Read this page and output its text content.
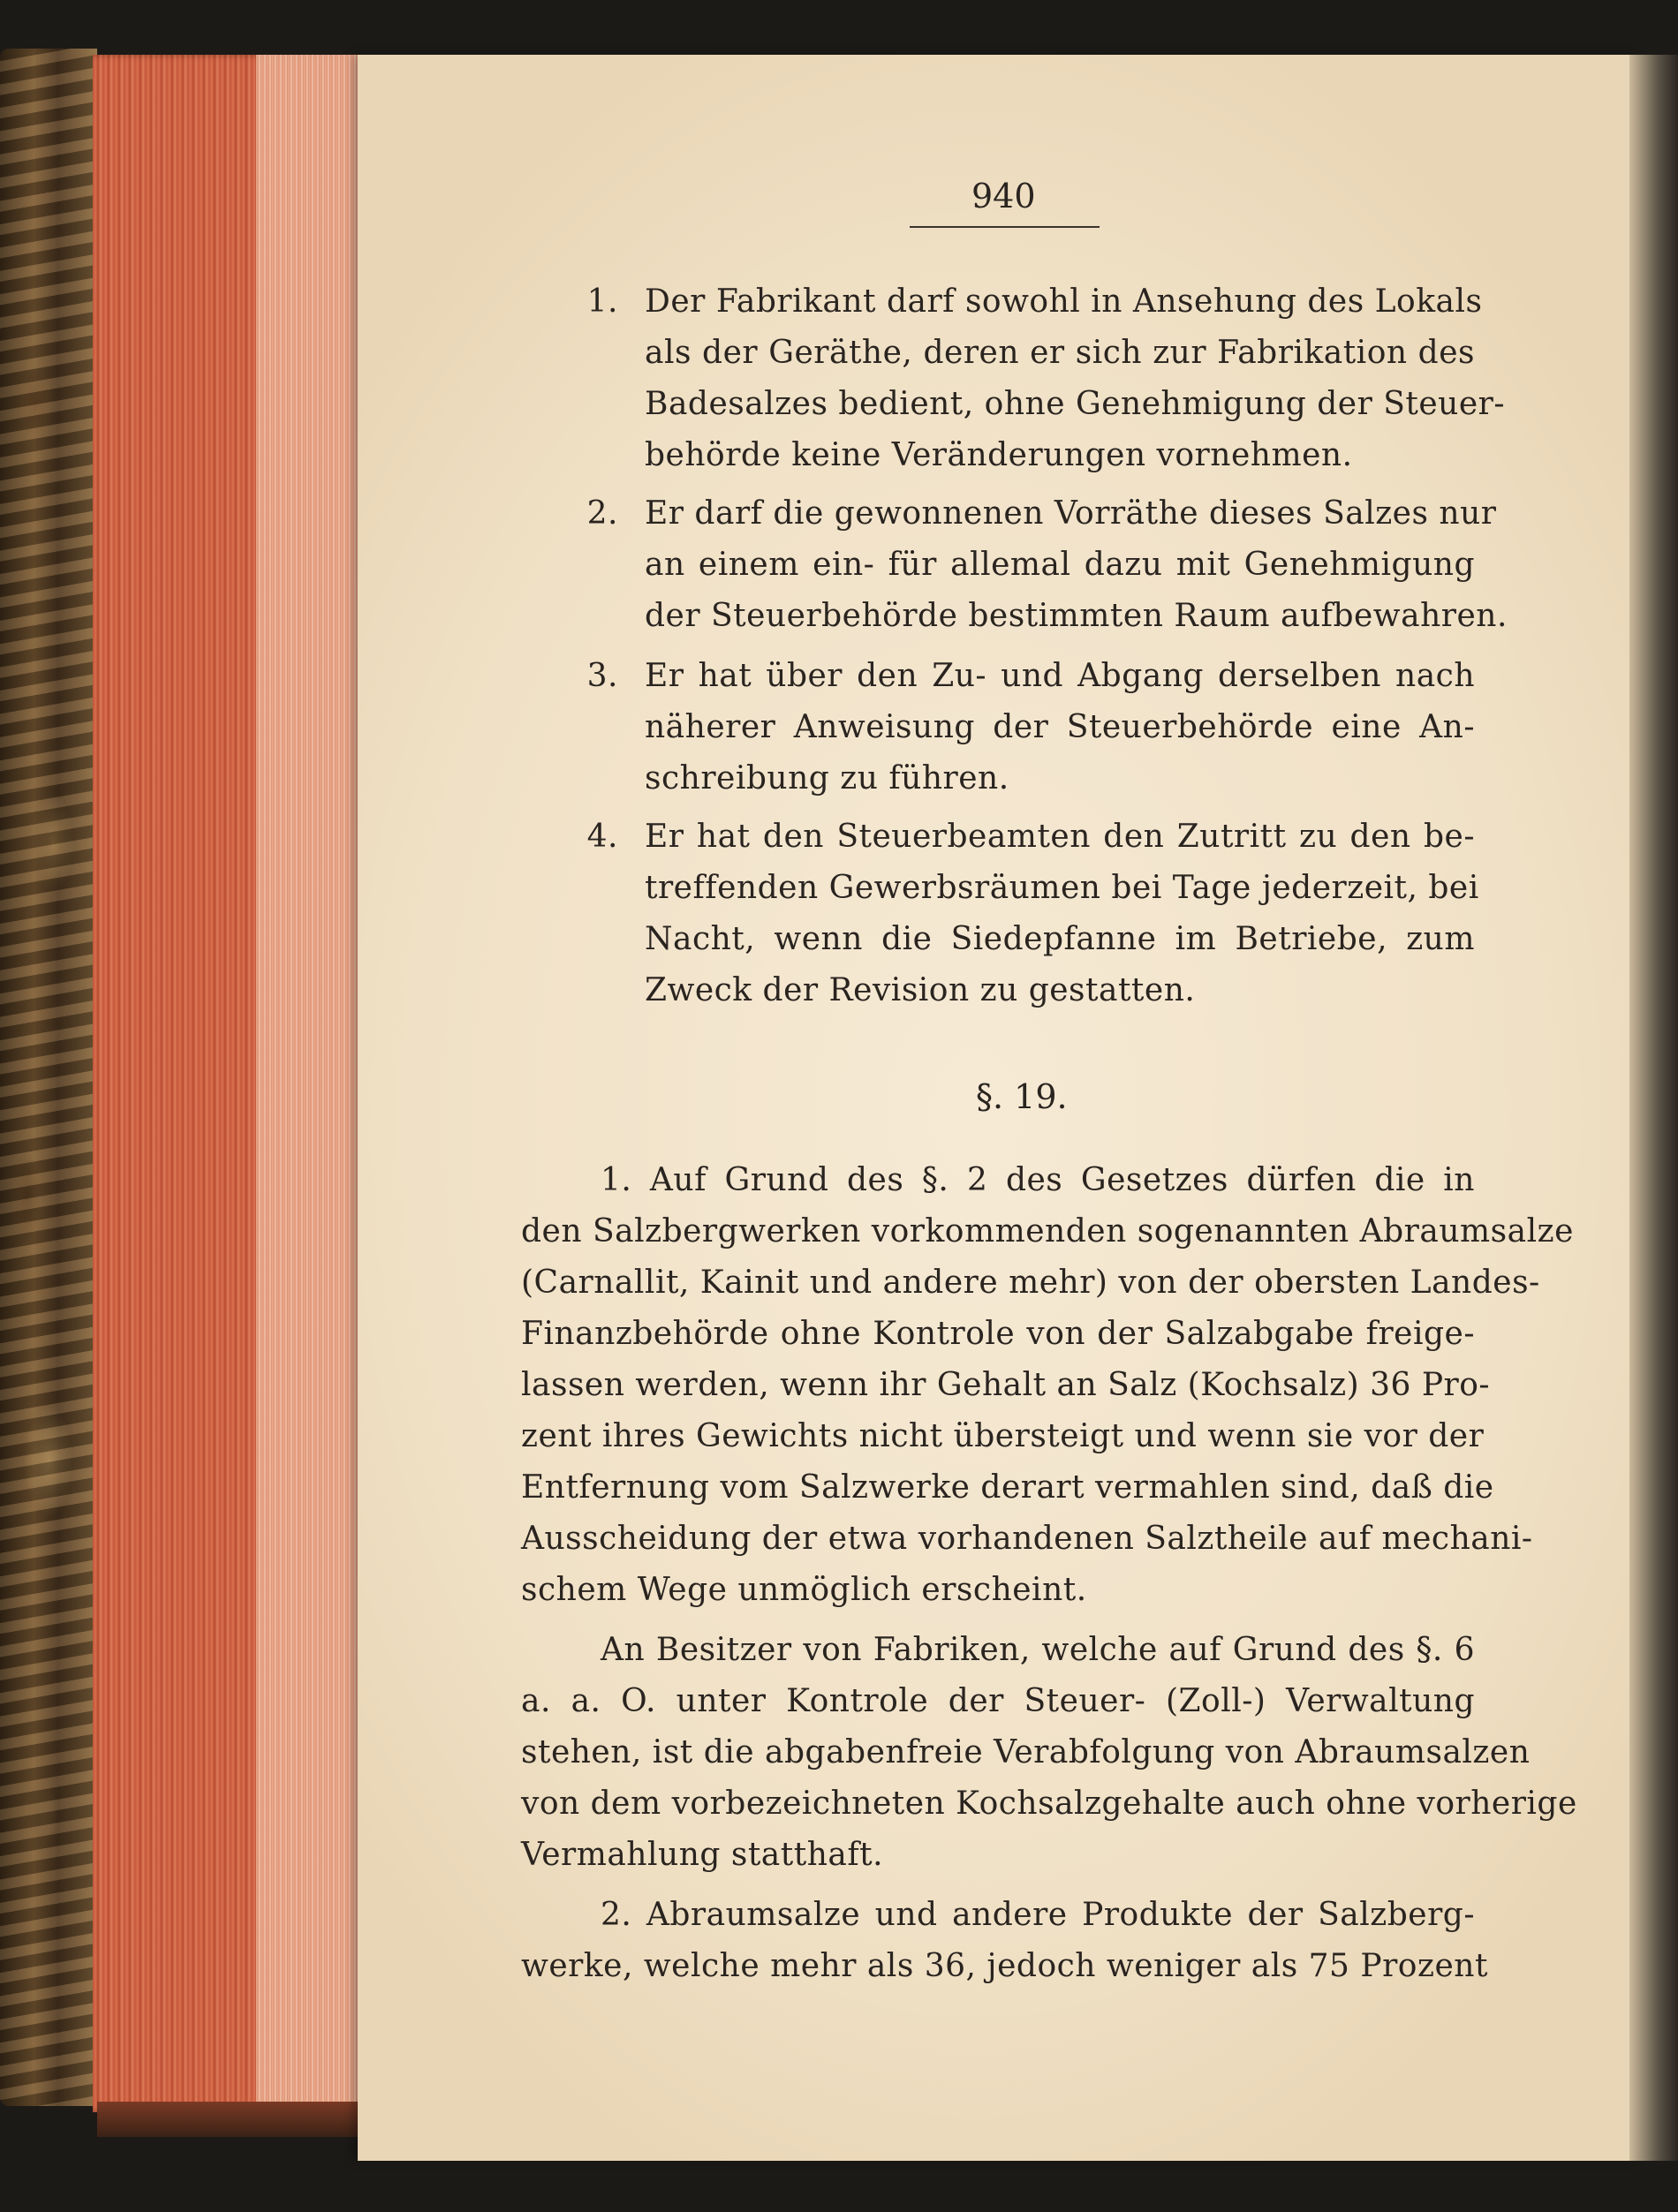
940
1. Der Fabrikant darf sowohl in Ansehung des Lokals
als der Geräthe, deren er sich zur Fabrikation des
Badesalzes bedient, ohne Genehmigung der Steuer-
behörde keine Veränderungen vornehmen.
2. Er darf die gewonnenen Vorräthe dieses Salzes nur
an einem ein- für allemal dazu mit Genehmigung
der Steuerbehörde bestimmten Raum aufbewahren.
3. Er hat über den Zu- und Abgang derselben nach
näherer Anweisung der Steuerbehörde eine An-
schreibung zu führen.
4. Er hat den Steuerbeamten den Zutritt zu den be-
treffenden Gewerbsräumen bei Tage jederzeit, bei
Nacht, wenn die Siedepfanne im Betriebe, zum
Zweck der Revision zu gestatten.
§. 19.
1. Auf Grund des §. 2 des Gesetzes dürfen die in
den Salzbergwerken vorkommenden sogenannten Abraumsalze
(Carnallit, Kainit und andere mehr) von der obersten Landes-
Finanzbehörde ohne Kontrole von der Salzabgabe freige-
lassen werden, wenn ihr Gehalt an Salz (Kochsalz) 36 Pro-
zent ihres Gewichts nicht übersteigt und wenn sie vor der
Entfernung vom Salzwerke derart vermahlen sind, daß die
Ausscheidung der etwa vorhandenen Salztheile auf mechani-
schem Wege unmöglich erscheint.
An Besitzer von Fabriken, welche auf Grund des §. 6
a. a. O. unter Kontrole der Steuer- (Zoll-) Verwaltung
stehen, ist die abgabenfreie Verabfolgung von Abraumsalzen
von dem vorbezeichneten Kochsalzgehalte auch ohne vorherige
Vermahlung statthaft.
2. Abraumsalze und andere Produkte der Salzberg-
werke, welche mehr als 36, jedoch weniger als 75 Prozent
